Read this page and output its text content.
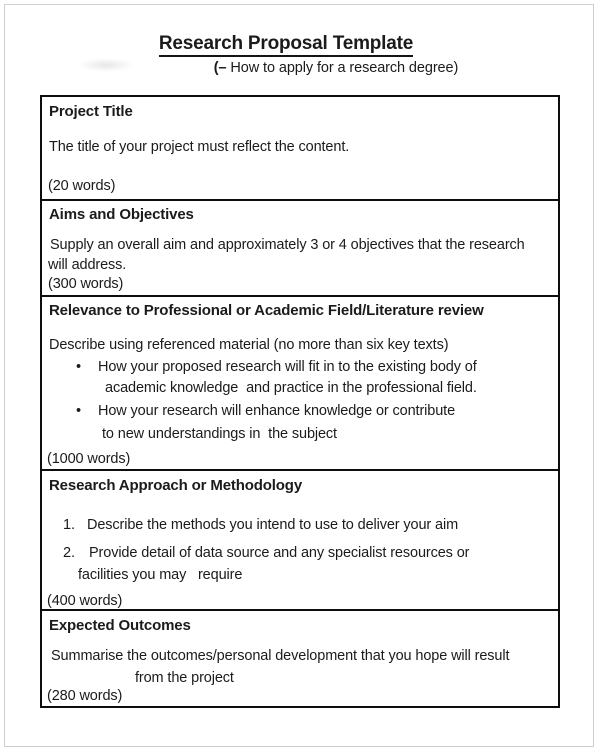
Research Proposal Template
(– How to apply for a research degree)
Project Title
The title of your project must reflect the content.
(20 words)
Aims and Objectives
Supply an overall aim and approximately 3 or 4 objectives that the research
will address.
(300 words)
Relevance to Professional or Academic Field/Literature review
Describe using referenced material (no more than six key texts)
• How your proposed research will fit in to the existing body of
academic knowledge  and practice in the professional field.
• How your research will enhance knowledge or contribute
to new understandings in  the subject
(1000 words)
Research Approach or Methodology
1. Describe the methods you intend to use to deliver your aim
2. Provide detail of data source and any specialist resources or
facilities you may   require
(400 words)
Expected Outcomes
Summarise the outcomes/personal development that you hope will result
from the project
(280 words)
